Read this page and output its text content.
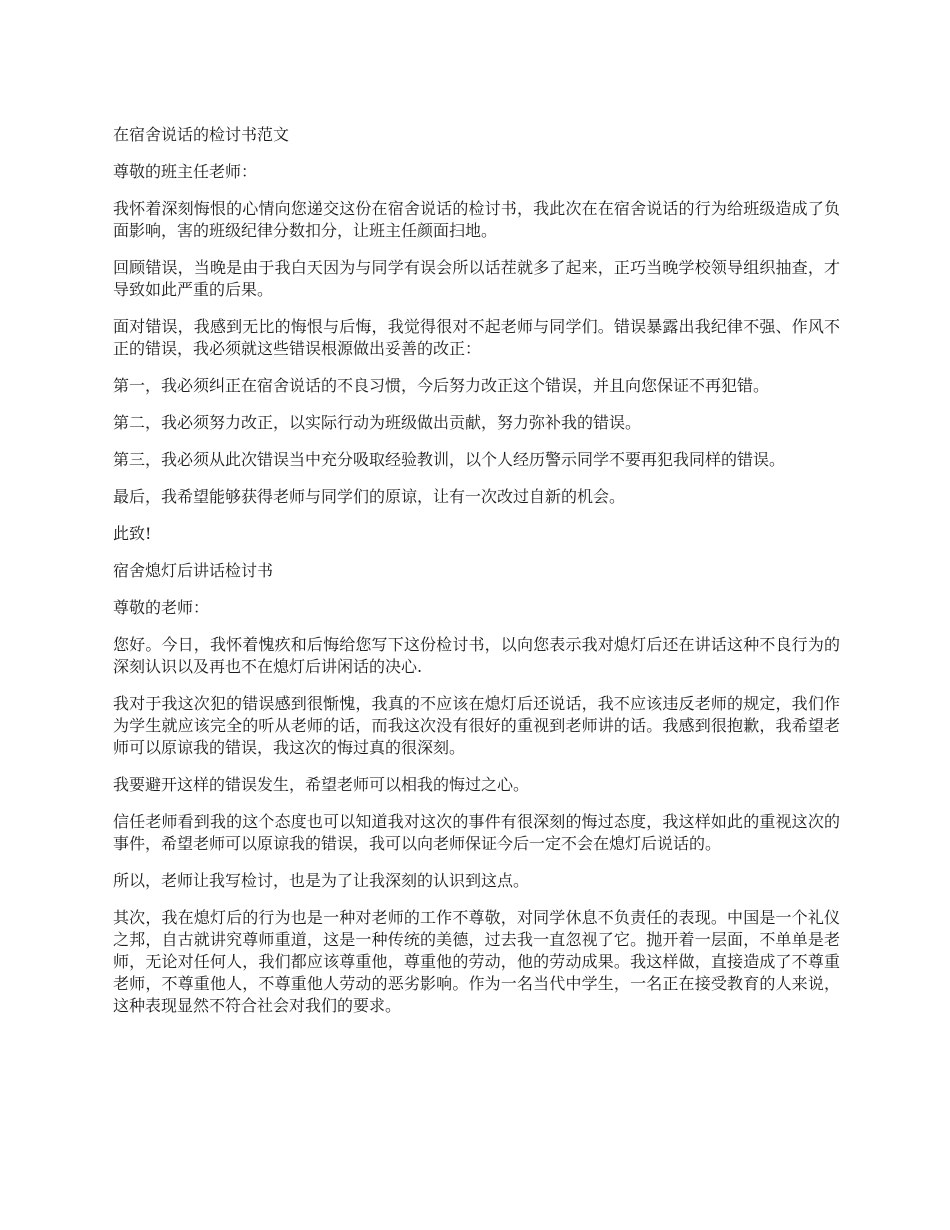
在宿舍说话的检讨书范文

尊敬的班主任老师：

我怀着深刻悔恨的心情向您递交这份在宿舍说话的检讨书，我此次在在宿舍说话的行为给班级造成了负面影响，害的班级纪律分数扣分，让班主任颜面扫地。

回顾错误，当晚是由于我白天因为与同学有误会所以话茬就多了起来，正巧当晚学校领导组织抽查，才导致如此严重的后果。

面对错误，我感到无比的悔恨与后悔，我觉得很对不起老师与同学们。错误暴露出我纪律不强、作风不正的错误，我必须就这些错误根源做出妥善的改正：

第一，我必须纠正在宿舍说话的不良习惯，今后努力改正这个错误，并且向您保证不再犯错。

第二，我必须努力改正，以实际行动为班级做出贡献，努力弥补我的错误。

第三，我必须从此次错误当中充分吸取经验教训，以个人经历警示同学不要再犯我同样的错误。

最后，我希望能够获得老师与同学们的原谅，让有一次改过自新的机会。

此致!

宿舍熄灯后讲话检讨书

尊敬的老师：

您好。今日，我怀着愧疚和后悔给您写下这份检讨书，以向您表示我对熄灯后还在讲话这种不良行为的深刻认识以及再也不在熄灯后讲闲话的决心.

我对于我这次犯的错误感到很惭愧，我真的不应该在熄灯后还说话，我不应该违反老师的规定，我们作为学生就应该完全的听从老师的话，而我这次没有很好的重视到老师讲的话。我感到很抱歉，我希望老师可以原谅我的错误，我这次的悔过真的很深刻。

我要避开这样的错误发生，希望老师可以相我的悔过之心。

信任老师看到我的这个态度也可以知道我对这次的事件有很深刻的悔过态度，我这样如此的重视这次的事件，希望老师可以原谅我的错误，我可以向老师保证今后一定不会在熄灯后说话的。

所以，老师让我写检讨，也是为了让我深刻的认识到这点。

其次，我在熄灯后的行为也是一种对老师的工作不尊敬，对同学休息不负责任的表现。中国是一个礼仪之邦，自古就讲究尊师重道，这是一种传统的美德，过去我一直忽视了它。抛开着一层面，不单单是老师，无论对任何人，我们都应该尊重他，尊重他的劳动，他的劳动成果。我这样做，直接造成了不尊重老师，不尊重他人，不尊重他人劳动的恶劣影响。作为一名当代中学生，一名正在接受教育的人来说，这种表现显然不符合社会对我们的要求。
